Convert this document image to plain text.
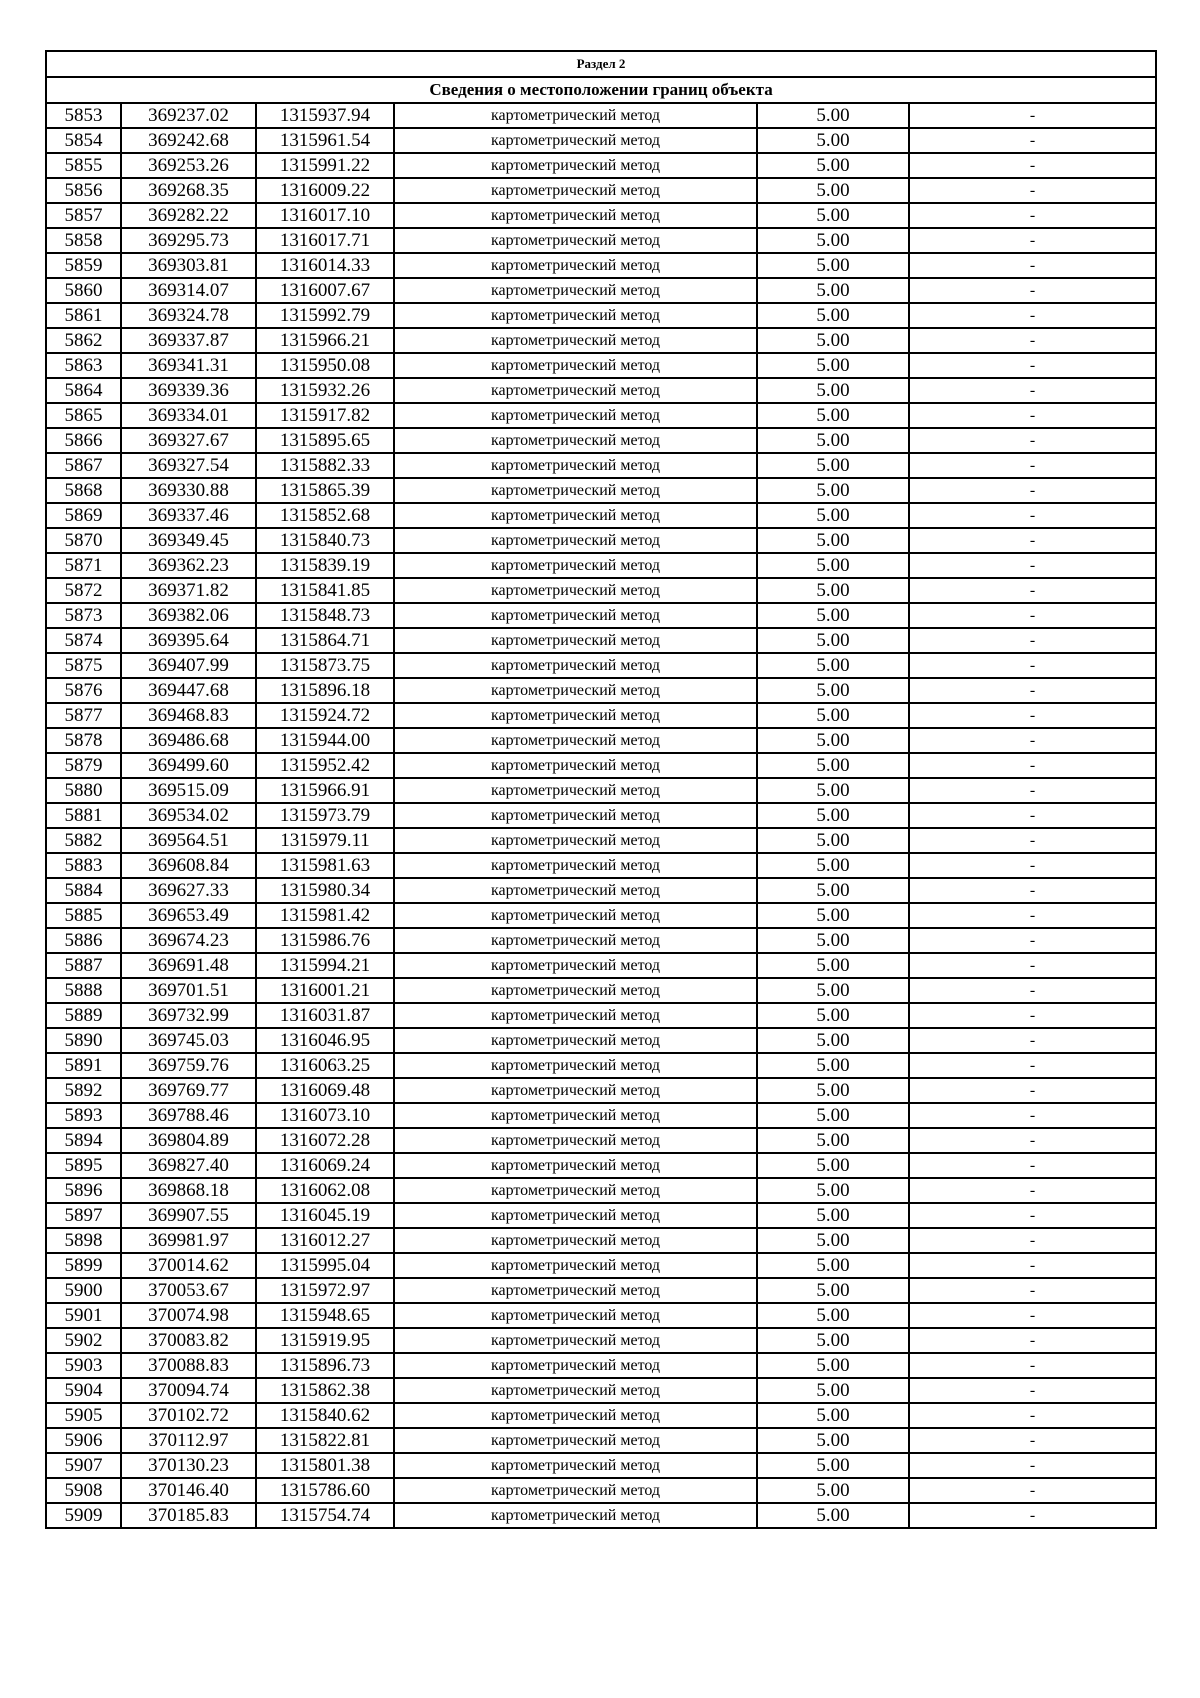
Раздел 2					
Сведения о местоположении границ объекта					
5853	369237.02	1315937.94	картометрический метод	5.00	-
5854	369242.68	1315961.54	картометрический метод	5.00	-
5855	369253.26	1315991.22	картометрический метод	5.00	-
5856	369268.35	1316009.22	картометрический метод	5.00	-
5857	369282.22	1316017.10	картометрический метод	5.00	-
5858	369295.73	1316017.71	картометрический метод	5.00	-
5859	369303.81	1316014.33	картометрический метод	5.00	-
5860	369314.07	1316007.67	картометрический метод	5.00	-
5861	369324.78	1315992.79	картометрический метод	5.00	-
5862	369337.87	1315966.21	картометрический метод	5.00	-
5863	369341.31	1315950.08	картометрический метод	5.00	-
5864	369339.36	1315932.26	картометрический метод	5.00	-
5865	369334.01	1315917.82	картометрический метод	5.00	-
5866	369327.67	1315895.65	картометрический метод	5.00	-
5867	369327.54	1315882.33	картометрический метод	5.00	-
5868	369330.88	1315865.39	картометрический метод	5.00	-
5869	369337.46	1315852.68	картометрический метод	5.00	-
5870	369349.45	1315840.73	картометрический метод	5.00	-
5871	369362.23	1315839.19	картометрический метод	5.00	-
5872	369371.82	1315841.85	картометрический метод	5.00	-
5873	369382.06	1315848.73	картометрический метод	5.00	-
5874	369395.64	1315864.71	картометрический метод	5.00	-
5875	369407.99	1315873.75	картометрический метод	5.00	-
5876	369447.68	1315896.18	картометрический метод	5.00	-
5877	369468.83	1315924.72	картометрический метод	5.00	-
5878	369486.68	1315944.00	картометрический метод	5.00	-
5879	369499.60	1315952.42	картометрический метод	5.00	-
5880	369515.09	1315966.91	картометрический метод	5.00	-
5881	369534.02	1315973.79	картометрический метод	5.00	-
5882	369564.51	1315979.11	картометрический метод	5.00	-
5883	369608.84	1315981.63	картометрический метод	5.00	-
5884	369627.33	1315980.34	картометрический метод	5.00	-
5885	369653.49	1315981.42	картометрический метод	5.00	-
5886	369674.23	1315986.76	картометрический метод	5.00	-
5887	369691.48	1315994.21	картометрический метод	5.00	-
5888	369701.51	1316001.21	картометрический метод	5.00	-
5889	369732.99	1316031.87	картометрический метод	5.00	-
5890	369745.03	1316046.95	картометрический метод	5.00	-
5891	369759.76	1316063.25	картометрический метод	5.00	-
5892	369769.77	1316069.48	картометрический метод	5.00	-
5893	369788.46	1316073.10	картометрический метод	5.00	-
5894	369804.89	1316072.28	картометрический метод	5.00	-
5895	369827.40	1316069.24	картометрический метод	5.00	-
5896	369868.18	1316062.08	картометрический метод	5.00	-
5897	369907.55	1316045.19	картометрический метод	5.00	-
5898	369981.97	1316012.27	картометрический метод	5.00	-
5899	370014.62	1315995.04	картометрический метод	5.00	-
5900	370053.67	1315972.97	картометрический метод	5.00	-
5901	370074.98	1315948.65	картометрический метод	5.00	-
5902	370083.82	1315919.95	картометрический метод	5.00	-
5903	370088.83	1315896.73	картометрический метод	5.00	-
5904	370094.74	1315862.38	картометрический метод	5.00	-
5905	370102.72	1315840.62	картометрический метод	5.00	-
5906	370112.97	1315822.81	картометрический метод	5.00	-
5907	370130.23	1315801.38	картометрический метод	5.00	-
5908	370146.40	1315786.60	картометрический метод	5.00	-
5909	370185.83	1315754.74	картометрический метод	5.00	-
